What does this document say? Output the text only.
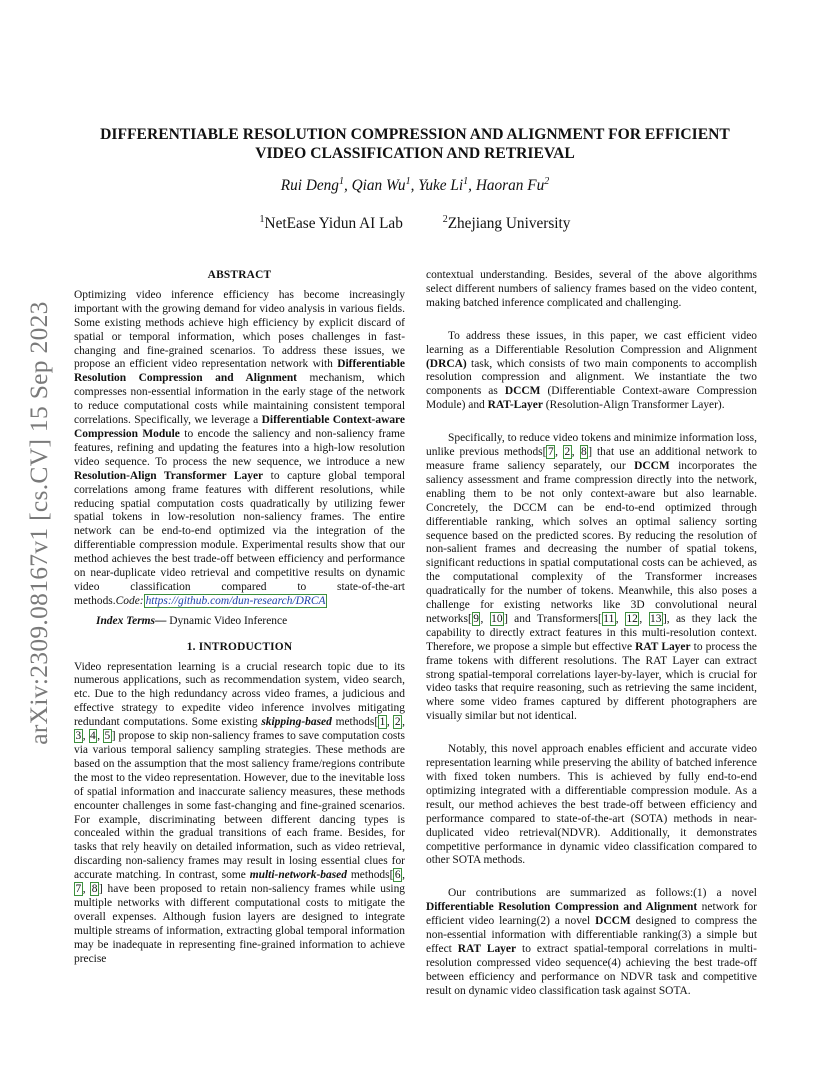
arXiv:2309.08167v1 [cs.CV] 15 Sep 2023
DIFFERENTIABLE RESOLUTION COMPRESSION AND ALIGNMENT FOR EFFICIENT
VIDEO CLASSIFICATION AND RETRIEVAL
Rui Deng$^1$, Qian Wu$^1$, Yuke Li$^1$, Haoran Fu$^2$
$^1$NetEase Yidun AI Lab	$^2$Zhejiang University
ABSTRACT

Optimizing video inference efficiency has become increasingly important with the growing demand for video analysis in various fields. Some existing methods achieve high efficiency by explicit discard of spatial or temporal information, which poses challenges in fast-changing and fine-grained scenarios. To address these issues, we propose an efficient video representation network with Differentiable Resolution Compression and Alignment mechanism, which compresses non-essential information in the early stage of the network to reduce computational costs while maintaining consistent temporal correlations. Specifically, we leverage a Differentiable Context-aware Compression Module to encode the saliency and non-saliency frame features, refining and updating the features into a high-low resolution video sequence. To process the new sequence, we introduce a new Resolution-Align Transformer Layer to capture global temporal correlations among frame features with different resolutions, while reducing spatial computation costs quadratically by utilizing fewer spatial tokens in low-resolution non-saliency frames. The entire network can be end-to-end optimized via the integration of the differentiable compression module. Experimental results show that our method achieves the best trade-off between efficiency and performance on near-duplicate video retrieval and competitive results on dynamic video classification compared to state-of-the-art methods.Code: https://github.com/dun-research/DRCA

Index Terms— Dynamic Video Inference

1. INTRODUCTION

Video representation learning is a crucial research topic due to its numerous applications, such as recommendation system, video search, etc. Due to the high redundancy across video frames, a judicious and effective strategy to expedite video inference involves mitigating redundant computations. Some existing skipping-based methods[ 1 , 2 , 3 , 4 , 5 ] propose to skip non-saliency frames to save computation costs via various temporal saliency sampling strategies. These methods are based on the assumption that the most saliency frame/regions contribute the most to the video representation. However, due to the inevitable loss of spatial information and inaccurate saliency measures, these methods encounter challenges in some fast-changing and fine-grained scenarios. For example, discriminating between different dancing types is concealed within the gradual transitions of each frame. Besides, for tasks that rely heavily on detailed information, such as video retrieval, discarding non-saliency frames may result in losing essential clues for accurate matching. In contrast, some multi-network-based methods[ 6 , 7 , 8 ] have been proposed to retain non-saliency frames while using multiple networks with different computational costs to mitigate the overall expenses. Although fusion layers are designed to integrate multiple streams of information, extracting global temporal information may be inadequate in representing fine-grained information to achieve precise

contextual understanding. Besides, several of the above algorithms select different numbers of saliency frames based on the video content, making batched inference complicated and challenging.

To address these issues, in this paper, we cast efficient video learning as a Differentiable Resolution Compression and Alignment (DRCA) task, which consists of two main components to accomplish resolution compression and alignment. We instantiate the two components as DCCM (Differentiable Context-aware Compression Module) and RAT-Layer (Resolution-Align Transformer Layer).

Specifically, to reduce video tokens and minimize information loss, unlike previous methods[ 7 , 2 , 8 ] that use an additional network to measure frame saliency separately, our DCCM incorporates the saliency assessment and frame compression directly into the network, enabling them to be not only context-aware but also learnable. Concretely, the DCCM can be end-to-end optimized through differentiable ranking, which solves an optimal saliency sorting sequence based on the predicted scores. By reducing the resolution of non-salient frames and decreasing the number of spatial tokens, significant reductions in spatial computational costs can be achieved, as the computational complexity of the Transformer increases quadratically for the number of tokens. Meanwhile, this also poses a challenge for existing networks like 3D convolutional neural networks[ 9 , 10 ] and Transformers[ 11 , 12 , 13 ], as they lack the capability to directly extract features in this multi-resolution context. Therefore, we propose a simple but effective RAT Layer to process the frame tokens with different resolutions. The RAT Layer can extract strong spatial-temporal correlations layer-by-layer, which is crucial for video tasks that require reasoning, such as retrieving the same incident, where some video frames captured by different photographers are visually similar but not identical.

Notably, this novel approach enables efficient and accurate video representation learning while preserving the ability of batched inference with fixed token numbers. This is achieved by fully end-to-end optimizing integrated with a differentiable compression module. As a result, our method achieves the best trade-off between efficiency and performance compared to state-of-the-art (SOTA) methods in near-duplicated video retrieval(NDVR). Additionally, it demonstrates competitive performance in dynamic video classification compared to other SOTA methods.

Our contributions are summarized as follows:(1) a novel Differentiable Resolution Compression and Alignment network for efficient video learning(2) a novel DCCM designed to compress the non-essential information with differentiable ranking(3) a simple but effect RAT Layer to extract spatial-temporal correlations in multi-resolution compressed video sequence(4) achieving the best trade-off between efficiency and performance on NDVR task and competitive result on dynamic video classification task against SOTA.
